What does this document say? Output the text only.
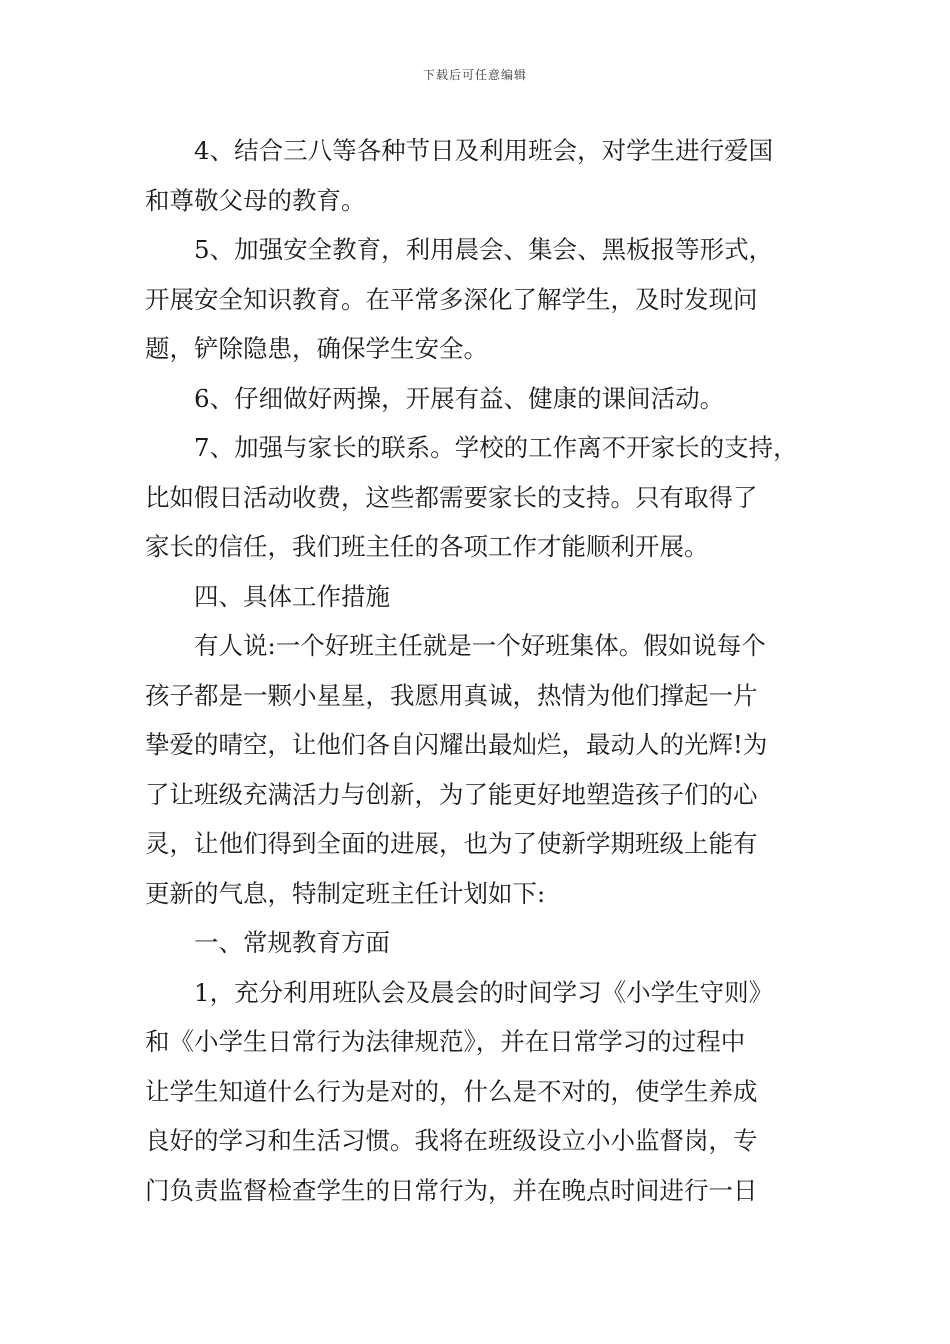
下载后可任意编辑
4、结合三八等各种节日及利用班会，对学生进行爱国
和尊敬父母的教育。
5、加强安全教育，利用晨会、集会、黑板报等形式，
开展安全知识教育。在平常多深化了解学生，及时发现问
题，铲除隐患，确保学生安全。
6、仔细做好两操，开展有益、健康的课间活动。
7、加强与家长的联系。学校的工作离不开家长的支持，
比如假日活动收费，这些都需要家长的支持。只有取得了
家长的信任，我们班主任的各项工作才能顺利开展。
四、具体工作措施
有人说:一个好班主任就是一个好班集体。假如说每个
孩子都是一颗小星星，我愿用真诚，热情为他们撑起一片
挚爱的晴空，让他们各自闪耀出最灿烂，最动人的光辉!为
了让班级充满活力与创新，为了能更好地塑造孩子们的心
灵，让他们得到全面的进展，也为了使新学期班级上能有
更新的气息，特制定班主任计划如下:
一、常规教育方面
1，充分利用班队会及晨会的时间学习《小学生守则》
和《小学生日常行为法律规范》，并在日常学习的过程中
让学生知道什么行为是对的，什么是不对的，使学生养成
良好的学习和生活习惯。我将在班级设立小小监督岗，专
门负责监督检查学生的日常行为，并在晚点时间进行一日
